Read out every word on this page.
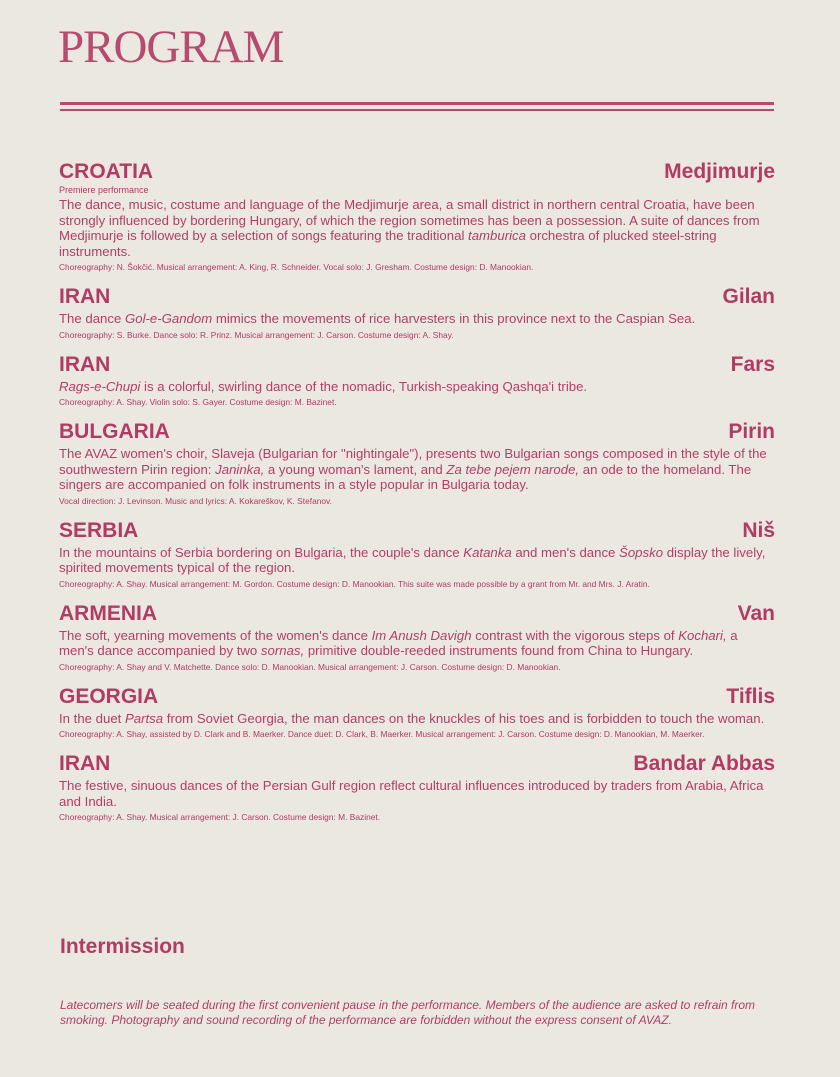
PROGRAM
CROATIA	Medjimurje
Premiere performance
The dance, music, costume and language of the Medjimurje area, a small district in northern central Croatia, have been strongly influenced by bordering Hungary, of which the region sometimes has been a possession. A suite of dances from Medjimurje is followed by a selection of songs featuring the traditional tamburica orchestra of plucked steel-string instruments.
Choreography: N. Šokčić. Musical arrangement: A. King, R. Schneider. Vocal solo: J. Gresham. Costume design: D. Manookian.
IRAN	Gilan
The dance Gol-e-Gandom mimics the movements of rice harvesters in this province next to the Caspian Sea.
Choreography: S. Burke. Dance solo: R. Prinz. Musical arrangement: J. Carson. Costume design: A. Shay.
IRAN	Fars
Rags-e-Chupi is a colorful, swirling dance of the nomadic, Turkish-speaking Qashqa'i tribe.
Choreography: A. Shay. Violin solo: S. Gayer. Costume design: M. Bazinet.
BULGARIA	Pirin
The AVAZ women's choir, Slaveja (Bulgarian for "nightingale"), presents two Bulgarian songs composed in the style of the southwestern Pirin region: Janinka, a young woman's lament, and Za tebe pejem narode, an ode to the homeland. The singers are accompanied on folk instruments in a style popular in Bulgaria today.
Vocal direction: J. Levinson. Music and lyrics: A. Kokareškov, K. Stefanov.
SERBIA	Niš
In the mountains of Serbia bordering on Bulgaria, the couple's dance Katanka and men's dance Šopsko display the lively, spirited movements typical of the region.
Choreography: A. Shay. Musical arrangement: M. Gordon. Costume design: D. Manookian. This suite was made possible by a grant from Mr. and Mrs. J. Aratin.
ARMENIA	Van
The soft, yearning movements of the women's dance Im Anush Davigh contrast with the vigorous steps of Kochari, a men's dance accompanied by two sornas, primitive double-reeded instruments found from China to Hungary.
Choreography: A. Shay and V. Matchette. Dance solo: D. Manookian. Musical arrangement: J. Carson. Costume design: D. Manookian.
GEORGIA	Tiflis
In the duet Partsa from Soviet Georgia, the man dances on the knuckles of his toes and is forbidden to touch the woman.
Choreography: A. Shay, assisted by D. Clark and B. Maerker. Dance duet: D. Clark, B. Maerker. Musical arrangement: J. Carson. Costume design: D. Manookian, M. Maerker.
IRAN	Bandar Abbas
The festive, sinuous dances of the Persian Gulf region reflect cultural influences introduced by traders from Arabia, Africa and India.
Choreography: A. Shay. Musical arrangement: J. Carson. Costume design: M. Bazinet.
Intermission
Latecomers will be seated during the first convenient pause in the performance. Members of the audience are asked to refrain from smoking. Photography and sound recording of the performance are forbidden without the express consent of AVAZ.
